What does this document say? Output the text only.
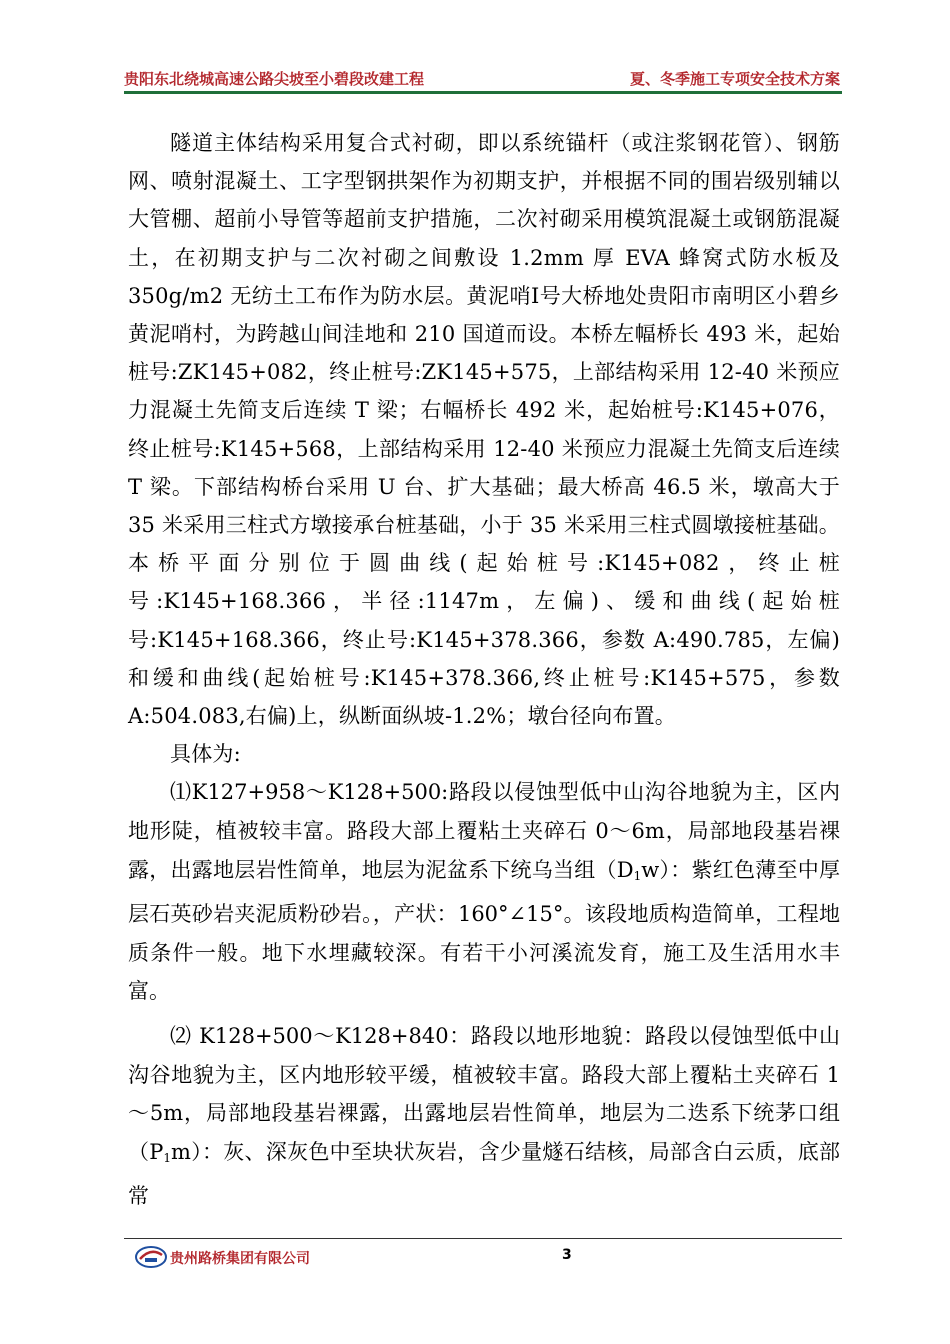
贵阳东北绕城高速公路尖坡至小碧段改建工程	夏、冬季施工专项安全技术方案

隧道主体结构采用复合式衬砌，即以系统锚杆（或注浆钢花管）、钢筋网、喷射混凝土、工字型钢拱架作为初期支护，并根据不同的围岩级别辅以大管棚、超前小导管等超前支护措施，二次衬砌采用模筑混凝土或钢筋混凝土，在初期支护与二次衬砌之间敷设 1.2mm 厚 EVA 蜂窝式防水板及350g/m2 无纺土工布作为防水层。黄泥哨Ⅰ号大桥地处贵阳市南明区小碧乡黄泥哨村，为跨越山间洼地和 210 国道而设。本桥左幅桥长 493 米，起始桩号:ZK145+082，终止桩号:ZK145+575，上部结构采用 12-40 米预应力混凝土先简支后连续 T 梁；右幅桥长 492 米，起始桩号:K145+076，终止桩号:K145+568，上部结构采用 12-40 米预应力混凝土先简支后连续 T 梁。下部结构桥台采用 U 台、扩大基础；最大桥高 46.5 米，墩高大于 35 米采用三柱式方墩接承台桩基础，小于 35 米采用三柱式圆墩接桩基础。本桥平面分别位于圆曲线(起始桩号:K145+082，终止桩号:K145+168.366，半径:1147m，左偏)、缓和曲线(起始桩号:K145+168.366，终止号:K145+378.366，参数 A:490.785，左偏)和缓和曲线(起始桩号:K145+378.366,终止桩号:K145+575，参数 A:504.083,右偏)上，纵断面纵坡-1.2%；墩台径向布置。

具体为:

⑴K127+958～K128+500:路段以侵蚀型低中山沟谷地貌为主，区内地形陡，植被较丰富。路段大部上覆粘土夹碎石 0～6m，局部地段基岩裸露，出露地层岩性简单，地层为泥盆系下统乌当组$(D_1w)$：紫红色薄至中厚层石英砂岩夹泥质粉砂岩。，产状：160°∠15°。该段地质构造简单，工程地质条件一般。地下水埋藏较深。有若干小河溪流发育，施工及生活用水丰富。

⑵ K128+500～K128+840：路段以地形地貌：路段以侵蚀型低中山沟谷地貌为主，区内地形较平缓，植被较丰富。路段大部上覆粘土夹碎石 1～5m，局部地段基岩裸露，出露地层岩性简单，地层为二迭系下统茅口组$(P_1m)$：灰、深灰色中至块状灰岩，含少量燧石结核，局部含白云质，底部常

贵州路桥集团有限公司	3
